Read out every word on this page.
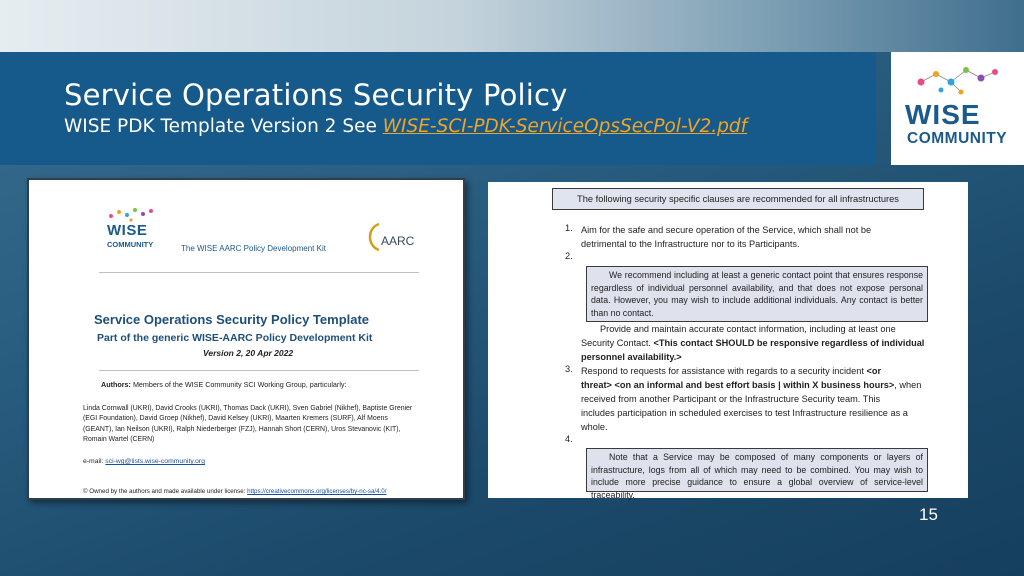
Service Operations Security Policy
WISE PDK Template Version 2 See WISE-SCI-PDK-ServiceOpsSecPol-V2.pdf	WISE
COMMUNITY
WISE
COMMUNITY	The WISE AARC Policy Development Kit
AARC
Service Operations Security Policy Template
Part of the generic WISE-AARC Policy Development Kit
Version 2, 20 Apr 2022
Authors: Members of the WISE Community SCI Working Group, particularly:
Linda Cornwall (UKRI), David Crooks (UKRI), Thomas Dack (UKRI), Sven Gabriel (Nikhef), Baptiste Grenier (EGI Foundation), David Groep (Nikhef), David Kelsey (UKRI), Maarten Kremers (SURF), Alf Moens (GEANT), Ian Neilson (UKRI), Ralph Niederberger (FZJ), Hannah Short (CERN), Uros Stevanovic (KIT), Romain Wartel (CERN)
e-mail: sci-wg@lists.wise-community.org
© Owned by the authors and made available under license: https://creativecommons.org/licenses/by-nc-sa/4.0/
The following security specific clauses are recommended for all infrastructures
1. Aim for the safe and secure operation of the Service, which shall not be
detrimental to the Infrastructure nor to its Participants.
2.
We recommend including at least a generic contact point that ensures response regardless of individual personnel availability, and that does not expose personal data. However, you may wish to include additional individuals. Any contact is better than no contact.
Provide and maintain accurate contact information, including at least one
Security Contact. <This contact SHOULD be responsive regardless of individual
personnel availability.>
3. Respond to requests for assistance with regards to a security incident <or
threat> <on an informal and best effort basis | within X business hours>, when
received from another Participant or the Infrastructure Security team. This
includes participation in scheduled exercises to test Infrastructure resilience as a
whole.
4.
Note that a Service may be composed of many components or layers of infrastructure, logs from all of which may need to be combined. You may wish to include more precise guidance to ensure a global overview of service-level traceability.
15
